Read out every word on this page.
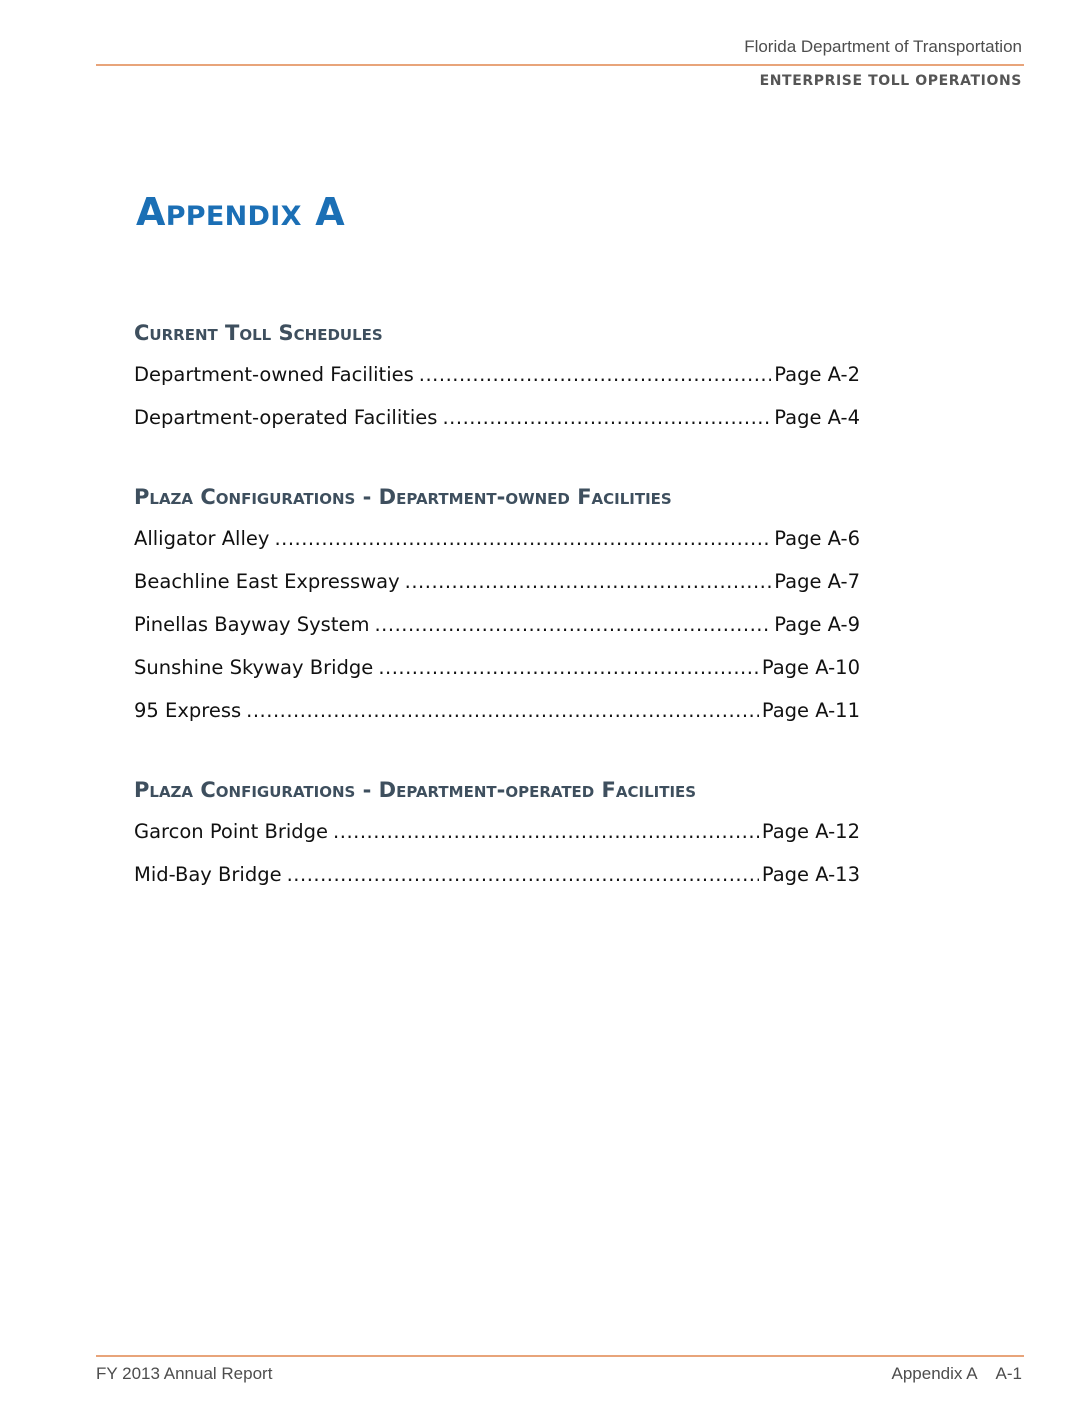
Florida Department of Transportation
ENTERPRISE TOLL OPERATIONS
Appendix A
Current Toll Schedules
Department-owned Facilities .....	Page A-2
Department-operated Facilities .....	Page A-4
Plaza Configurations - Department-owned Facilities
Alligator Alley .....	Page A-6
Beachline East Expressway .....	Page A-7
Pinellas Bayway System .....	Page A-9
Sunshine Skyway Bridge .....	Page A-10
95 Express .....	Page A-11
Plaza Configurations - Department-operated Facilities
Garcon Point Bridge .....	Page A-12
Mid-Bay Bridge .....	Page A-13
FY 2013 Annual Report	Appendix A A-1
